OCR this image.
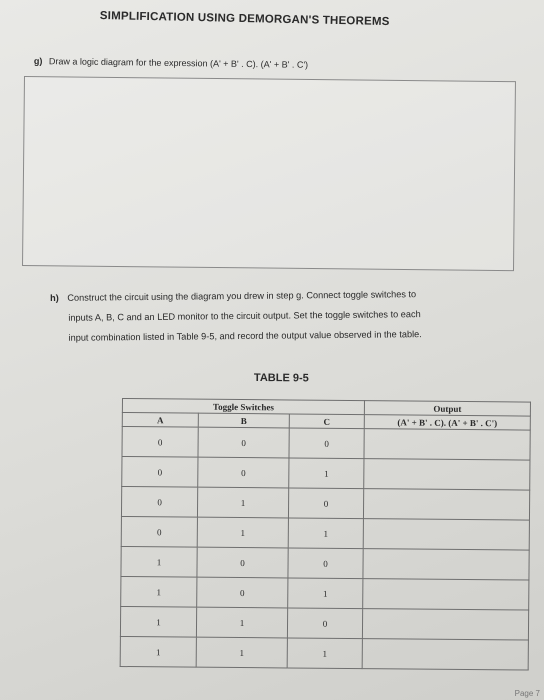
SIMPLIFICATION USING DEMORGAN'S THEOREMS
g) Draw a logic diagram for the expression (A' + B' . C). (A' + B' . C')
h) Construct the circuit using the diagram you drew in step g. Connect toggle switches to
inputs A, B, C and an LED monitor to the circuit output. Set the toggle switches to each
input combination listed in Table 9-5, and record the output value observed in the table.
TABLE 9-5
Toggle Switches			Output
A	B	C	(A' + B' . C). (A' + B' . C')
0	0	0	
0	0	1	
0	1	0	
0	1	1	
1	0	0	
1	0	1	
1	1	0	
1	1	1	
Page 7
